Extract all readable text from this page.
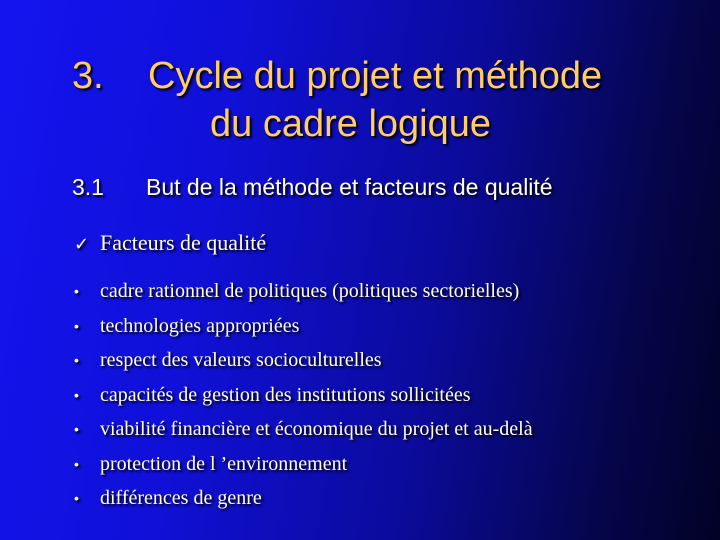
3. Cycle du projet et méthode
du cadre logique
3.1 But de la méthode et facteurs de qualité
✓ Facteurs de qualité
• cadre rationnel de politiques (politiques sectorielles)
• technologies appropriées
• respect des valeurs socioculturelles
• capacités de gestion des institutions sollicitées
• viabilité financière et économique du projet et au-delà
• protection de l ’environnement
• différences de genre
